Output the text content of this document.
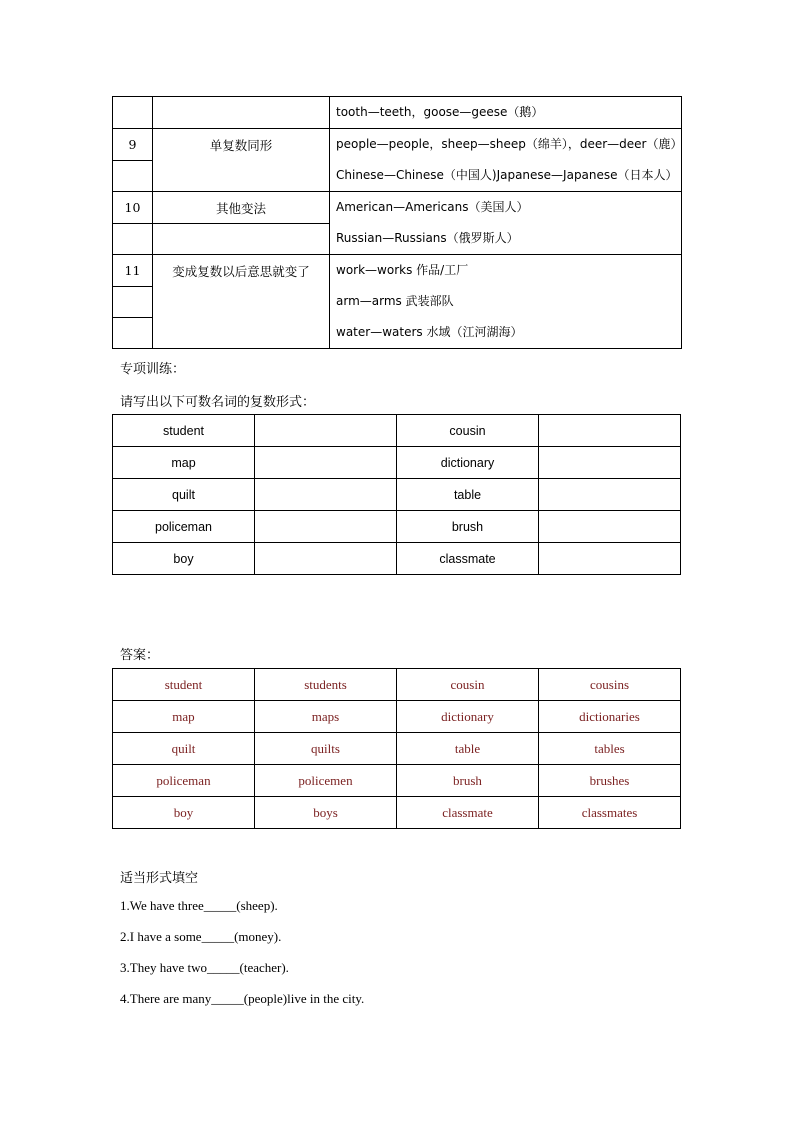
		tooth—teeth，goose—geese（鹅）

9	单复数同形	people—people，sheep—sheep（绵羊），deer—deer（鹿）
Chinese—Chinese（中国人)Japanese—Japanese（日本人）

10	其他变法	American—Americans（美国人）
Russian—Russians（俄罗斯人）

11	变成复数以后意思就变了	work—works 作品/工厂
arm—arms 武装部队
water—waters 水域（江河湖海）

专项训练：
请写出以下可数名词的复数形式：
student		cousin	
map		dictionary	
quilt		table	
policeman		brush	
boy		classmate	
答案：
student	students	cousin	cousins
map	maps	dictionary	dictionaries
quilt	quilts	table	tables
policeman	policemen	brush	brushes
boy	boys	classmate	classmates
适当形式填空
1.We have three_____(sheep).
2.I have a some_____(money).
3.They have two_____(teacher).
4.There are many_____(people)live in the city.
